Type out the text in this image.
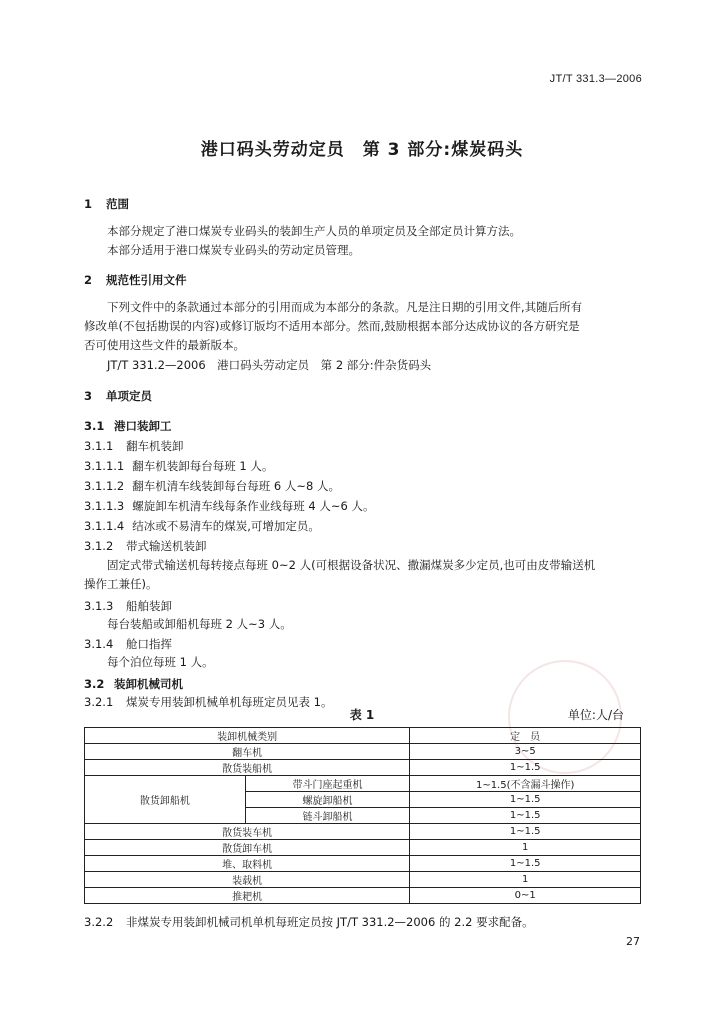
JT/T 331.3—2006
港口码头劳动定员　第 3 部分:煤炭码头
1 范围
本部分规定了港口煤炭专业码头的装卸生产人员的单项定员及全部定员计算方法。
本部分适用于港口煤炭专业码头的劳动定员管理。
2 规范性引用文件
下列文件中的条款通过本部分的引用而成为本部分的条款。凡是注日期的引用文件,其随后所有
修改单(不包括勘误的内容)或修订版均不适用本部分。然而,鼓励根据本部分达成协议的各方研究是
否可使用这些文件的最新版本。
JT/T 331.2—2006　港口码头劳动定员　第 2 部分:件杂货码头
3 单项定员
3.1 港口装卸工
3.1.1 翻车机装卸
3.1.1.1 翻车机装卸每台每班 1 人。
3.1.1.2 翻车机清车线装卸每台每班 6 人~8 人。
3.1.1.3 螺旋卸车机清车线每条作业线每班 4 人~6 人。
3.1.1.4 结冰或不易清车的煤炭,可增加定员。
3.1.2 带式输送机装卸
固定式带式输送机每转接点每班 0~2 人(可根据设备状况、撒漏煤炭多少定员,也可由皮带输送机
操作工兼任)。
3.1.3 船舶装卸
每台装船或卸船机每班 2 人~3 人。
3.1.4 舱口指挥
每个泊位每班 1 人。
3.2 装卸机械司机
3.2.1 煤炭专用装卸机械单机每班定员见表 1。
表 1	单位:人/台
装卸机械类别		定　员
翻车机		3~5
散货装船机		1~1.5
散货卸船机	带斗门座起重机	1~1.5(不含漏斗操作)
	螺旋卸船机	1~1.5
	链斗卸船机	1~1.5
散货装车机		1~1.5
散货卸车机		1
堆、取料机		1~1.5
装载机		1
推耙机		0~1
3.2.2 非煤炭专用装卸机械司机单机每班定员按 JT/T 331.2—2006 的 2.2 要求配备。
27
